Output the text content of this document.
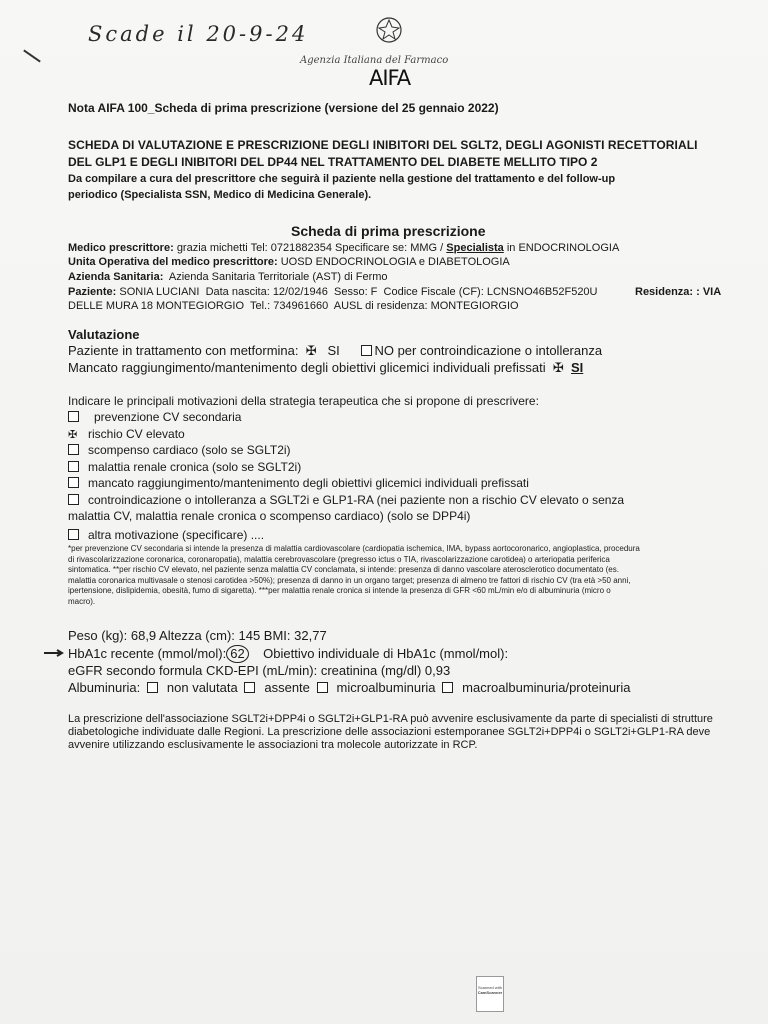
Scade il 20-9-24
Agenzia Italiana del Farmaco
AIFA
Nota AIFA 100_Scheda di prima prescrizione (versione del 25 gennaio 2022)
SCHEDA DI VALUTAZIONE E PRESCRIZIONE DEGLI INIBITORI DEL SGLT2, DEGLI AGONISTI RECETTORIALI
DEL GLP1 E DEGLI INIBITORI DEL DP44 NEL TRATTAMENTO DEL DIABETE MELLITO TIPO 2
Da compilare a cura del prescrittore che seguirà il paziente nella gestione del trattamento e del follow-up
periodico (Specialista SSN, Medico di Medicina Generale).
Scheda di prima prescrizione
Medico prescrittore: grazia michetti Tel: 0721882354 Specificare se: MMG / Specialista in ENDOCRINOLOGIA
Unita Operativa del medico prescrittore: UOSD ENDOCRINOLOGIA e DIABETOLOGIA
Azienda Sanitaria: Azienda Sanitaria Territoriale (AST) di Fermo
Paziente: SONIA LUCIANI Data nascita: 12/02/1946 Sesso: F Codice Fiscale (CF): LCNSNO46B52F520U	Residenza: : VIA
DELLE MURA 18 MONTEGIORGIO Tel.: 734961660 AUSL di residenza: MONTEGIORGIO
Valutazione
Paziente in trattamento con metformina:  ✠   SI	NO per controindicazione o intolleranza
Mancato raggiungimento/mantenimento degli obiettivi glicemici individuali prefissati  ✠  SI
Indicare le principali motivazioni della strategia terapeutica che si propone di prescrivere:
prevenzione CV secondaria
✠ rischio CV elevato
scompenso cardiaco (solo se SGLT2i)
malattia renale cronica (solo se SGLT2i)
mancato raggiungimento/mantenimento degli obiettivi glicemici individuali prefissati
controindicazione o intolleranza a SGLT2i e GLP1-RA (nei paziente non a rischio CV elevato o senza
malattia CV, malattia renale cronica o scompenso cardiaco) (solo se DPP4i)
altra motivazione (specificare) ....
*per prevenzione CV secondaria si intende la presenza di malattia cardiovascolare (cardiopatia ischemica, IMA, bypass aortocoronarico, angioplastica, procedura
di rivascolarizzazione coronarica, coronaropatia), malattia cerebrovascolare (pregresso ictus o TIA, rivascolarizzazione carotidea) o arteriopatia periferica
sintomatica. **per rischio CV elevato, nel paziente senza malattia CV conclamata, si intende: presenza di danno vascolare aterosclerotico documentato (es.
malattia coronarica multivasale o stenosi carotidea >50%); presenza di danno in un organo target; presenza di almeno tre fattori di rischio CV (tra età >50 anni,
ipertensione, dislipidemia, obesità, fumo di sigaretta). ***per malattia renale cronica si intende la presenza di GFR <60 mL/min e/o di albuminuria (micro o
macro).
Peso (kg): 68,9 Altezza (cm): 145 BMI: 32,77
HbA1c recente (mmol/mol): 62 Obiettivo individuale di HbA1c (mmol/mol):
eGFR secondo formula CKD-EPI (mL/min): creatinina (mg/dl) 0,93
Albuminuria: non valutata assente microalbuminuria macroalbuminuria/proteinuria
La prescrizione dell'associazione SGLT2i+DPP4i o SGLT2i+GLP1-RA può avvenire esclusivamente da parte di specialisti di strutture
diabetologiche individuate dalle Regioni. La prescrizione delle associazioni estemporanee SGLT2i+DPP4i o SGLT2i+GLP1-RA deve
avvenire utilizzando esclusivamente le associazioni tra molecole autorizzate in RCP.
Scanned with
CamScanner
